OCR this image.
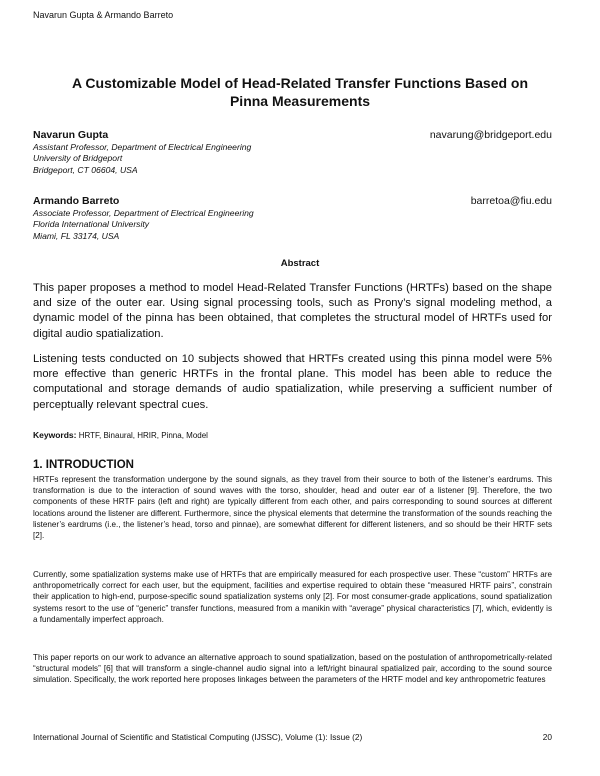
Navarun Gupta & Armando Barreto
A Customizable Model of Head-Related Transfer Functions Based on Pinna Measurements
Navarun Gupta	navarung@bridgeport.edu
Assistant Professor, Department of Electrical Engineering
University of Bridgeport
Bridgeport, CT 06604, USA
Armando Barreto	barretoa@fiu.edu
Associate Professor, Department of Electrical Engineering
Florida International University
Miami, FL 33174, USA
Abstract
This paper proposes a method to model Head-Related Transfer Functions (HRTFs) based on the shape and size of the outer ear. Using signal processing tools, such as Prony’s signal modeling method, a dynamic model of the pinna has been obtained, that completes the structural model of HRTFs used for digital audio spatialization.
Listening tests conducted on 10 subjects showed that HRTFs created using this pinna model were 5% more effective than generic HRTFs in the frontal plane. This model has been able to reduce the computational and storage demands of audio spatialization, while preserving a sufficient number of perceptually relevant spectral cues.
Keywords: HRTF, Binaural, HRIR, Pinna, Model
1. INTRODUCTION
HRTFs represent the transformation undergone by the sound signals, as they travel from their source to both of the listener’s eardrums. This transformation is due to the interaction of sound waves with the torso, shoulder, head and outer ear of a listener [9]. Therefore, the two components of these HRTF pairs (left and right) are typically different from each other, and pairs corresponding to sound sources at different locations around the listener are different. Furthermore, since the physical elements that determine the transformation of the sounds reaching the listener’s eardrums (i.e., the listener’s head, torso and pinnae), are somewhat different for different listeners, and so should be their HRTF sets [2].
Currently, some spatialization systems make use of HRTFs that are empirically measured for each prospective user. These “custom” HRTFs are anthropometrically correct for each user, but the equipment, facilities and expertise required to obtain these “measured HRTF pairs”, constrain their application to high-end, purpose-specific sound spatialization systems only [2]. For most consumer-grade applications, sound spatialization systems resort to the use of “generic” transfer functions, measured from a manikin with “average” physical characteristics [7], which, evidently is a fundamentally imperfect approach.
This paper reports on our work to advance an alternative approach to sound spatialization, based on the postulation of anthropometrically-related “structural models” [6] that will transform a single-channel audio signal into a left/right binaural spatialized pair, according to the sound source simulation. Specifically, the work reported here proposes linkages between the parameters of the HRTF model and key anthropometric features
International Journal of Scientific and Statistical Computing (IJSSC), Volume (1): Issue (2)	20
